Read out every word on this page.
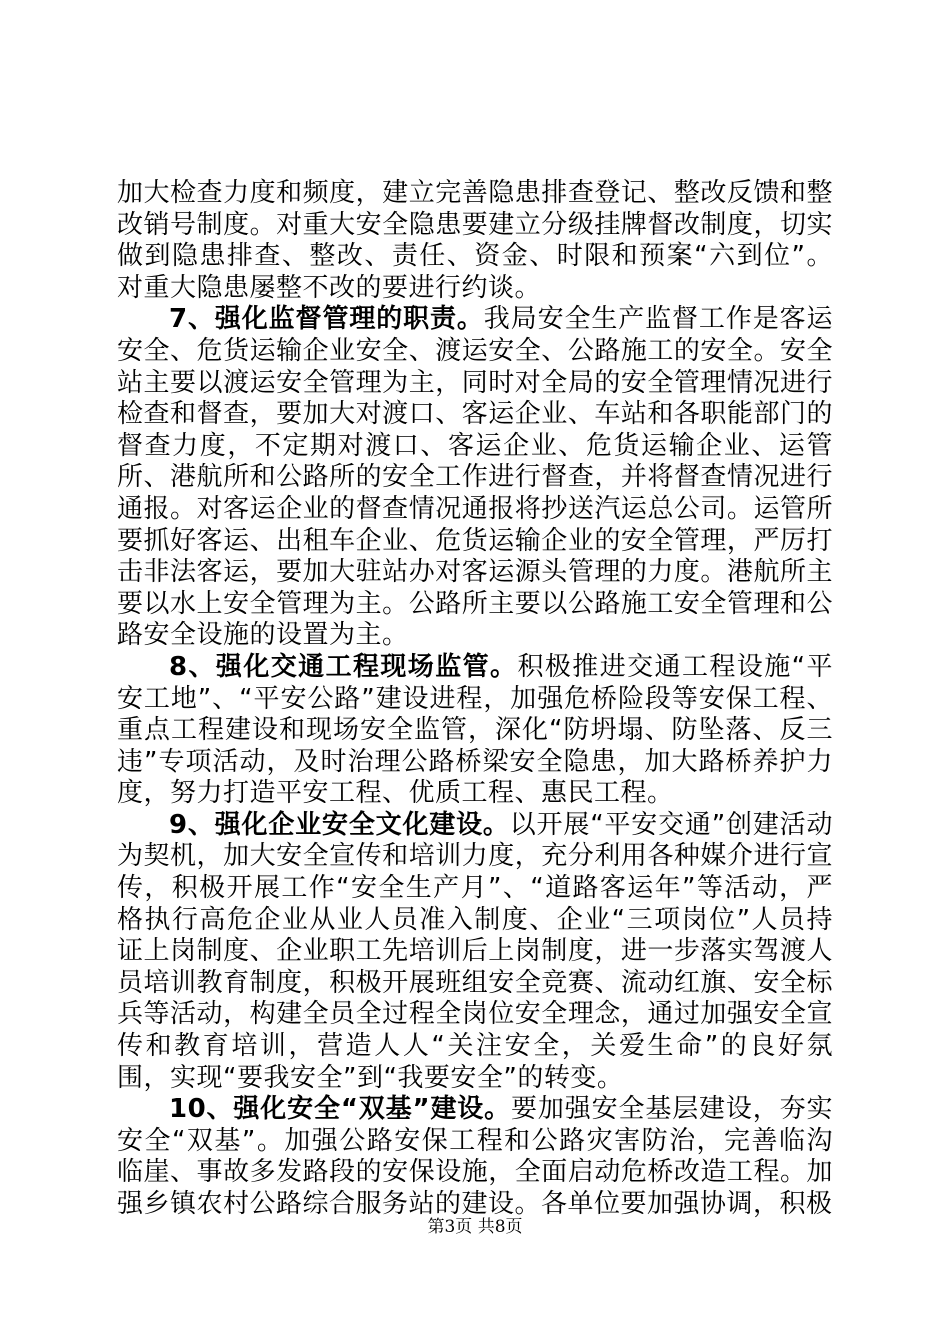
加大检查力度和频度，建立完善隐患排查登记、整改反馈和整改销号制度。对重大安全隐患要建立分级挂牌督改制度，切实做到隐患排查、整改、责任、资金、时限和预案“六到位”。对重大隐患屡整不改的要进行约谈。

7、强化监督管理的职责。我局安全生产监督工作是客运安全、危货运输企业安全、渡运安全、公路施工的安全。安全站主要以渡运安全管理为主，同时对全局的安全管理情况进行检查和督查，要加大对渡口、客运企业、车站和各职能部门的督查力度，不定期对渡口、客运企业、危货运输企业、运管所、港航所和公路所的安全工作进行督查，并将督查情况进行通报。对客运企业的督查情况通报将抄送汽运总公司。运管所要抓好客运、出租车企业、危货运输企业的安全管理，严厉打击非法客运，要加大驻站办对客运源头管理的力度。港航所主要以水上安全管理为主。公路所主要以公路施工安全管理和公路安全设施的设置为主。

8、强化交通工程现场监管。积极推进交通工程设施“平安工地”、“平安公路”建设进程，加强危桥险段等安保工程、重点工程建设和现场安全监管，深化“防坍塌、防坠落、反三违”专项活动，及时治理公路桥梁安全隐患，加大路桥养护力度，努力打造平安工程、优质工程、惠民工程。

9、强化企业安全文化建设。以开展“平安交通”创建活动为契机，加大安全宣传和培训力度，充分利用各种媒介进行宣传，积极开展工作“安全生产月”、“道路客运年”等活动，严格执行高危企业从业人员准入制度、企业“三项岗位”人员持证上岗制度、企业职工先培训后上岗制度，进一步落实驾渡人员培训教育制度，积极开展班组安全竞赛、流动红旗、安全标兵等活动，构建全员全过程全岗位安全理念，通过加强安全宣传和教育培训，营造人人“关注安全，关爱生命”的良好氛围，实现“要我安全”到“我要安全”的转变。

10、强化安全“双基”建设。要加强安全基层建设，夯实安全“双基”。加强公路安保工程和公路灾害防治，完善临沟临崖、事故多发路段的安保设施，全面启动危桥改造工程。加强乡镇农村公路综合服务站的建设。各单位要加强协调，积极

第3页 共8页
